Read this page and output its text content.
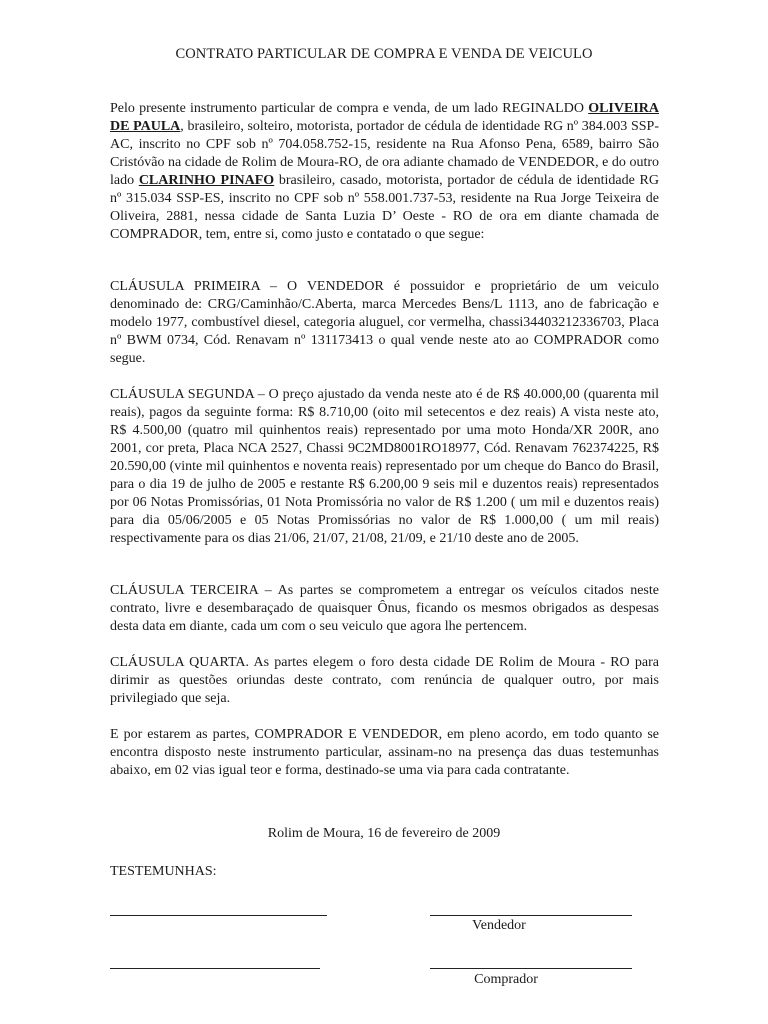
CONTRATO PARTICULAR DE COMPRA E VENDA DE VEICULO

Pelo presente instrumento particular de compra e venda, de um lado REGINALDO OLIVEIRA DE PAULA, brasileiro, solteiro, motorista, portador de cédula de identidade RG nº 384.003 SSP-AC, inscrito no CPF sob nº 704.058.752-15, residente na Rua Afonso Pena, 6589, bairro São Cristóvão na cidade de Rolim de Moura-RO, de ora adiante chamado de VENDEDOR, e do outro lado CLARINHO PINAFO brasileiro, casado, motorista, portador de cédula de identidade RG nº 315.034 SSP-ES, inscrito no CPF sob nº 558.001.737-53, residente na Rua Jorge Teixeira de Oliveira, 2881, nessa cidade de Santa Luzia D’ Oeste - RO de ora em diante chamada de COMPRADOR, tem, entre si, como justo e contatado o que segue:

CLÁUSULA PRIMEIRA – O VENDEDOR é possuidor e proprietário de um veiculo denominado de: CRG/Caminhão/C.Aberta, marca Mercedes Bens/L 1113, ano de fabricação e modelo 1977, combustível diesel, categoria aluguel, cor vermelha, chassi34403212336703, Placa nº BWM 0734, Cód. Renavam nº 131173413 o qual vende neste ato ao COMPRADOR como segue.

CLÁUSULA SEGUNDA – O preço ajustado da venda neste ato é de R$ 40.000,00 (quarenta mil reais), pagos da seguinte forma: R$ 8.710,00 (oito mil setecentos e dez reais) A vista neste ato, R$ 4.500,00 (quatro mil quinhentos reais) representado por uma moto Honda/XR 200R, ano 2001, cor preta, Placa NCA 2527, Chassi 9C2MD8001RO18977, Cód. Renavam 762374225, R$ 20.590,00 (vinte mil quinhentos e noventa reais) representado por um cheque do Banco do Brasil, para o dia 19 de julho de 2005 e restante R$ 6.200,00 9 seis mil e duzentos reais) representados por 06 Notas Promissórias, 01 Nota Promissória no valor de R$ 1.200 ( um mil e duzentos reais) para dia 05/06/2005 e 05 Notas Promissórias no valor de R$ 1.000,00 ( um mil reais) respectivamente para os dias 21/06, 21/07, 21/08, 21/09, e 21/10 deste ano de 2005.

CLÁUSULA TERCEIRA – As partes se comprometem a entregar os veículos citados neste contrato, livre e desembaraçado de quaisquer Ônus, ficando os mesmos obrigados as despesas desta data em diante, cada um com o seu veiculo que agora lhe pertencem.

CLÁUSULA QUARTA. As partes elegem o foro desta cidade DE Rolim de Moura - RO para dirimir as questões oriundas deste contrato, com renúncia de qualquer outro, por mais privilegiado que seja.

E por estarem as partes, COMPRADOR E VENDEDOR, em pleno acordo, em todo quanto se encontra disposto neste instrumento particular, assinam-no na presença das duas testemunhas abaixo, em 02 vias igual teor e forma, destinado-se uma via para cada contratante.

Rolim de Moura, 16 de fevereiro de 2009
TESTEMUNHAS:
Vendedor
Comprador
